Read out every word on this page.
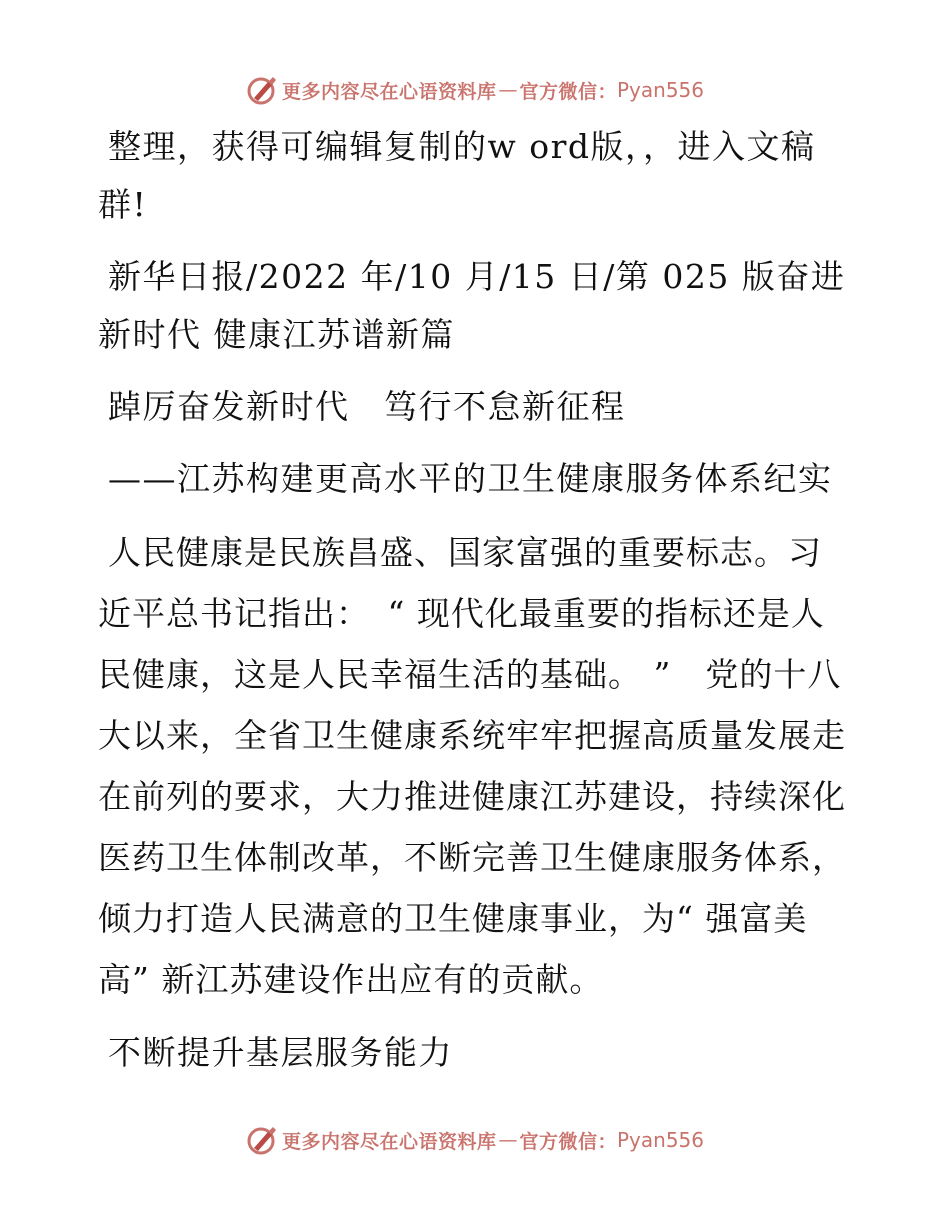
更多内容尽在心语资料库 — 官方微信： Pyan556

整理，获得可编辑复制的w ord版，，进入文稿群!

新华日报/2022 年/10 月/15 日/第 025 版奋进新时代 健康江苏谱新篇

踔厉奋发新时代　笃行不怠新征程

——江苏构建更高水平的卫生健康服务体系纪实

人民健康是民族昌盛、国家富强的重要标志。习近平总书记指出：　“ 现代化最重要的指标还是人民健康，这是人民幸福生活的基础。 ”　党的十八大以来，全省卫生健康系统牢牢把握高质量发展走在前列的要求，大力推进健康江苏建设，持续深化医药卫生体制改革，不断完善卫生健康服务体系，倾力打造人民满意的卫生健康事业，为“ 强富美高” 新江苏建设作出应有的贡献。

不断提升基层服务能力

更多内容尽在心语资料库 — 官方微信： Pyan556
